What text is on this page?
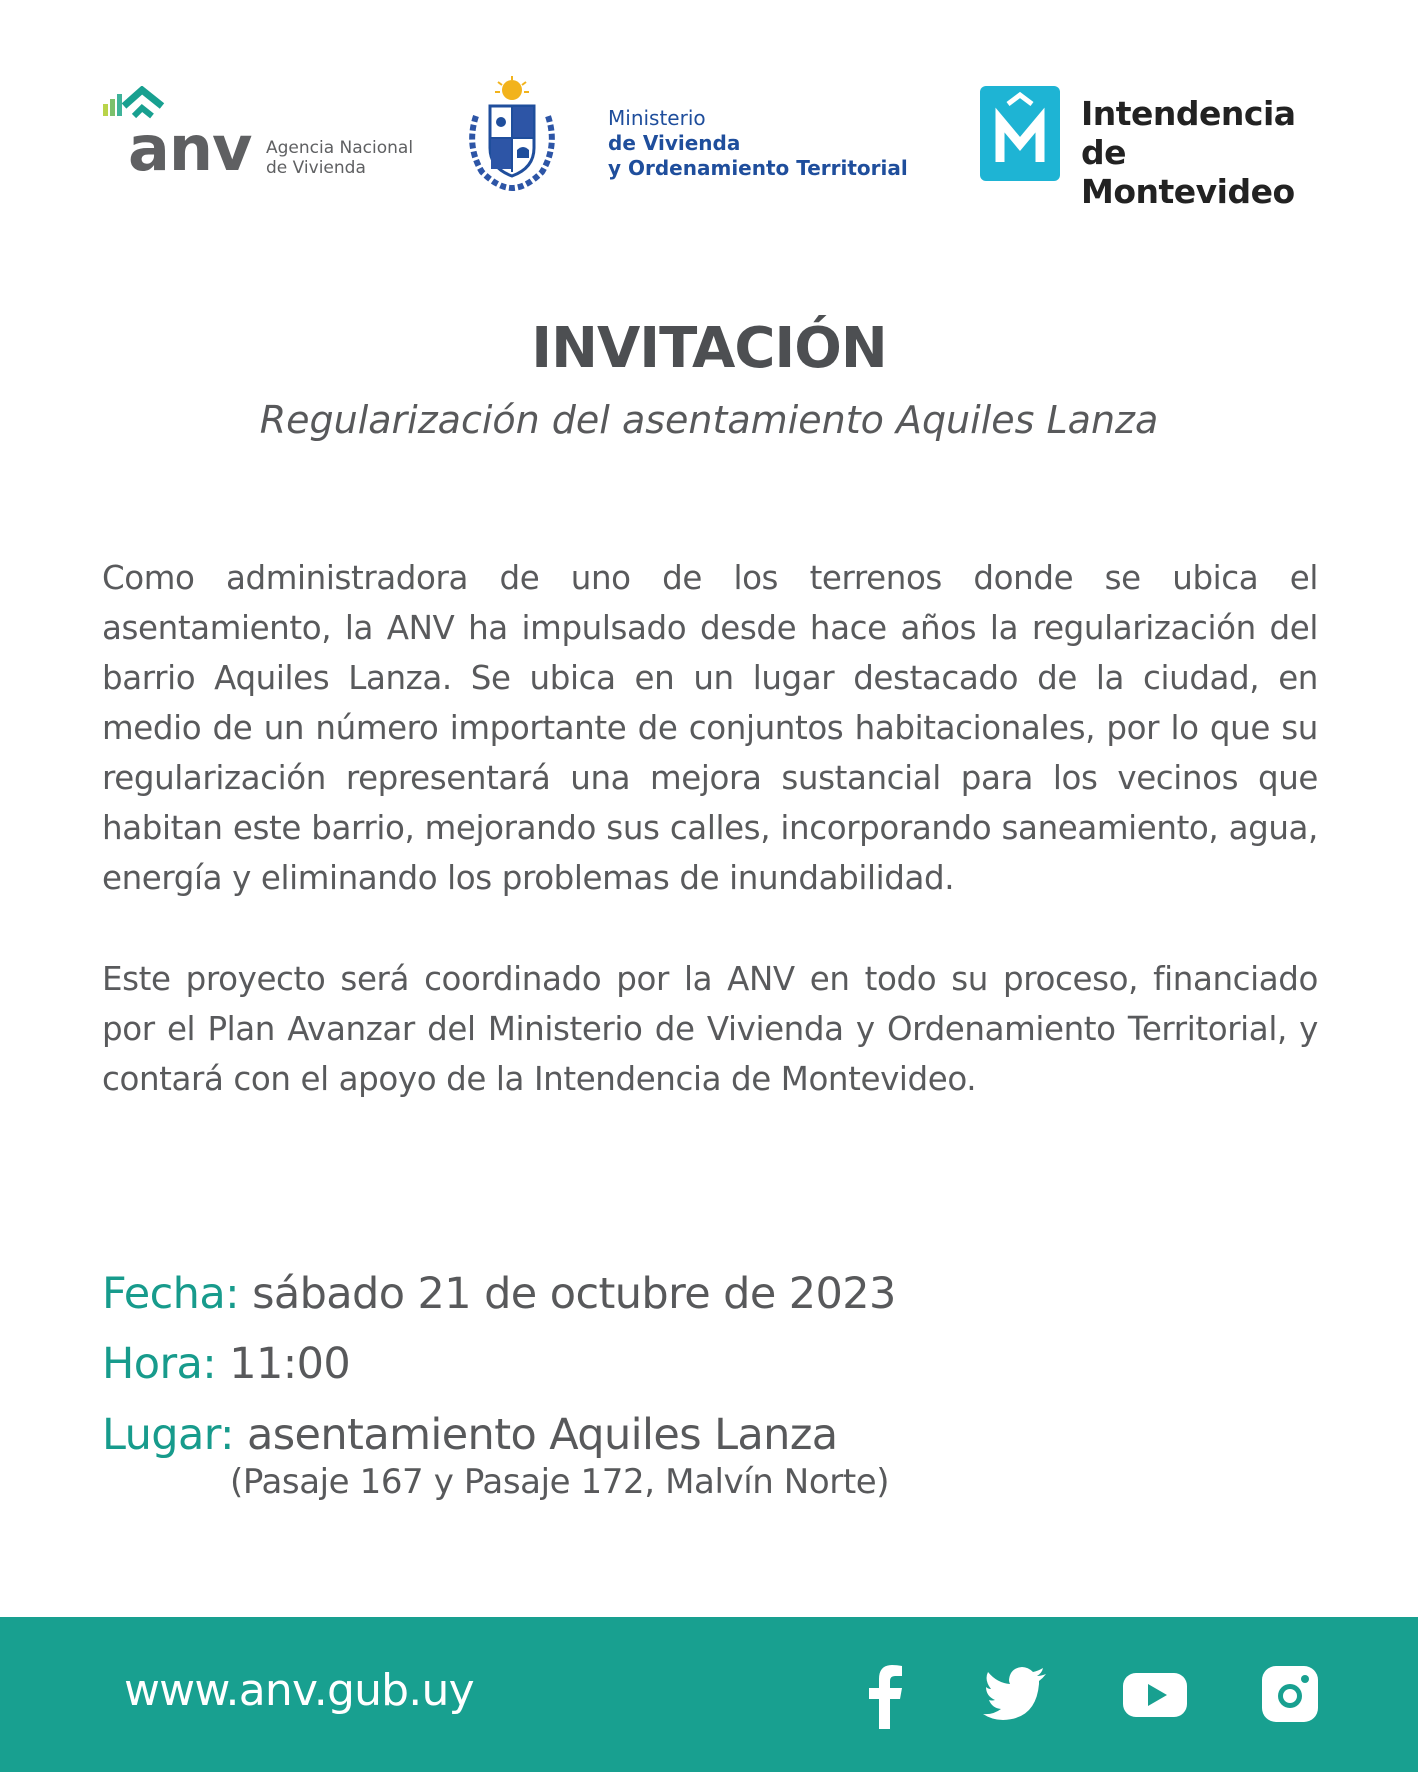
anv Agencia Nacional
de Vivienda
Ministerio
de Vivienda
y Ordenamiento Territorial
Intendencia
de Montevideo
INVITACIÓN
Regularización del asentamiento Aquiles Lanza

Como administradora de uno de los terrenos donde se ubica el asentamiento, la ANV ha impulsado desde hace años la regularización del barrio Aquiles Lanza. Se ubica en un lugar destacado de la ciudad, en medio de un número importante de conjuntos habitacionales, por lo que su regularización representará una mejora sustancial para los vecinos que habitan este barrio, mejorando sus calles, incorporando saneamiento, agua, energía y eliminando los problemas de inundabilidad.

Este proyecto será coordinado por la ANV en todo su proceso, financiado por el Plan Avanzar del Ministerio de Vivienda y Ordenamiento Territorial, y contará con el apoyo de la Intendencia de Montevideo.

Fecha: sábado 21 de octubre de 2023
Hora: 11:00
Lugar: asentamiento Aquiles Lanza
(Pasaje 167 y Pasaje 172, Malvín Norte)
www.anv.gub.uy
